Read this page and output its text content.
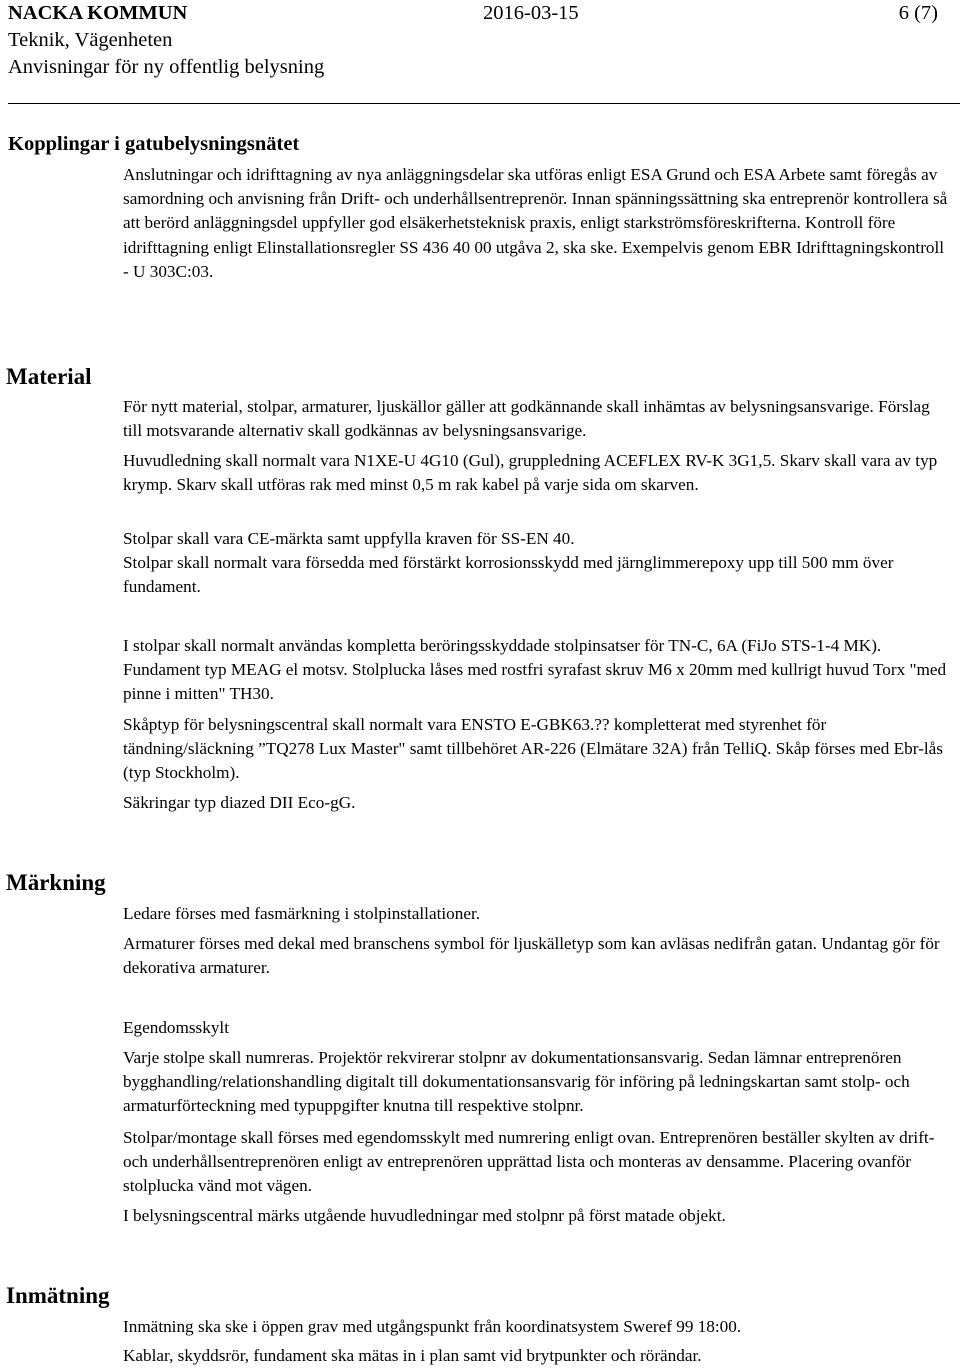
NACKA KOMMUN	2016-03-15	6 (7)
Teknik, Vägenheten
Anvisningar för ny offentlig belysning
Kopplingar i gatubelysningsnätet

Anslutningar och idrifttagning av nya anläggningsdelar ska utföras enligt ESA Grund och ESA Arbete samt föregås av samordning och anvisning från Drift- och underhållsentreprenör. Innan spänningssättning ska entreprenör kontrollera så att berörd anläggningsdel uppfyller god elsäkerhetsteknisk praxis, enligt starkströmsföreskrifterna. Kontroll före idrifttagning enligt Elinstallationsregler SS 436 40 00 utgåva 2, ska ske. Exempelvis genom EBR Idrifttagningskontroll - U 303C:03.

Material

För nytt material, stolpar, armaturer, ljuskällor gäller att godkännande skall inhämtas av belysningsansvarige. Förslag till motsvarande alternativ skall godkännas av belysningsansvarige.

Huvudledning skall normalt vara N1XE-U 4G10 (Gul), gruppledning ACEFLEX RV-K 3G1,5. Skarv skall vara av typ krymp. Skarv skall utföras rak med minst 0,5 m rak kabel på varje sida om skarven.

Stolpar skall vara CE-märkta samt uppfylla kraven för SS-EN 40.

Stolpar skall normalt vara försedda med förstärkt korrosionsskydd med järnglimmerepoxy upp till 500 mm över fundament.

I stolpar skall normalt användas kompletta beröringsskyddade stolpinsatser för TN-C, 6A (FiJo STS-1-4 MK). Fundament typ MEAG el motsv. Stolplucka låses med rostfri syrafast skruv M6 x 20mm med kullrigt huvud Torx "med pinne i mitten" TH30.

Skåptyp för belysningscentral skall normalt vara ENSTO E-GBK63.?? kompletterat med styrenhet för tändning/släckning ”TQ278 Lux Master" samt tillbehöret AR-226 (Elmätare 32A) från TelliQ. Skåp förses med Ebr-lås (typ Stockholm).

Säkringar typ diazed DII Eco-gG.

Märkning

Ledare förses med fasmärkning i stolpinstallationer.

Armaturer förses med dekal med branschens symbol för ljuskälletyp som kan avläsas nedifrån gatan. Undantag gör för dekorativa armaturer.

Egendomsskylt

Varje stolpe skall numreras. Projektör rekvirerar stolpnr av dokumentationsansvarig. Sedan lämnar entreprenören bygghandling/relationshandling digitalt till dokumentationsansvarig för införing på ledningskartan samt stolp- och armaturförteckning med typuppgifter knutna till respektive stolpnr.

Stolpar/montage skall förses med egendomsskylt med numrering enligt ovan. Entreprenören beställer skylten av drift- och underhållsentreprenören enligt av entreprenören upprättad lista och monteras av densamme. Placering ovanför stolplucka vänd mot vägen.

I belysningscentral märks utgående huvudledningar med stolpnr på först matade objekt.

Inmätning

Inmätning ska ske i öppen grav med utgångspunkt från koordinatsystem Sweref 99 18:00.

Kablar, skyddsrör, fundament ska mätas in i plan samt vid brytpunkter och rörändar.
